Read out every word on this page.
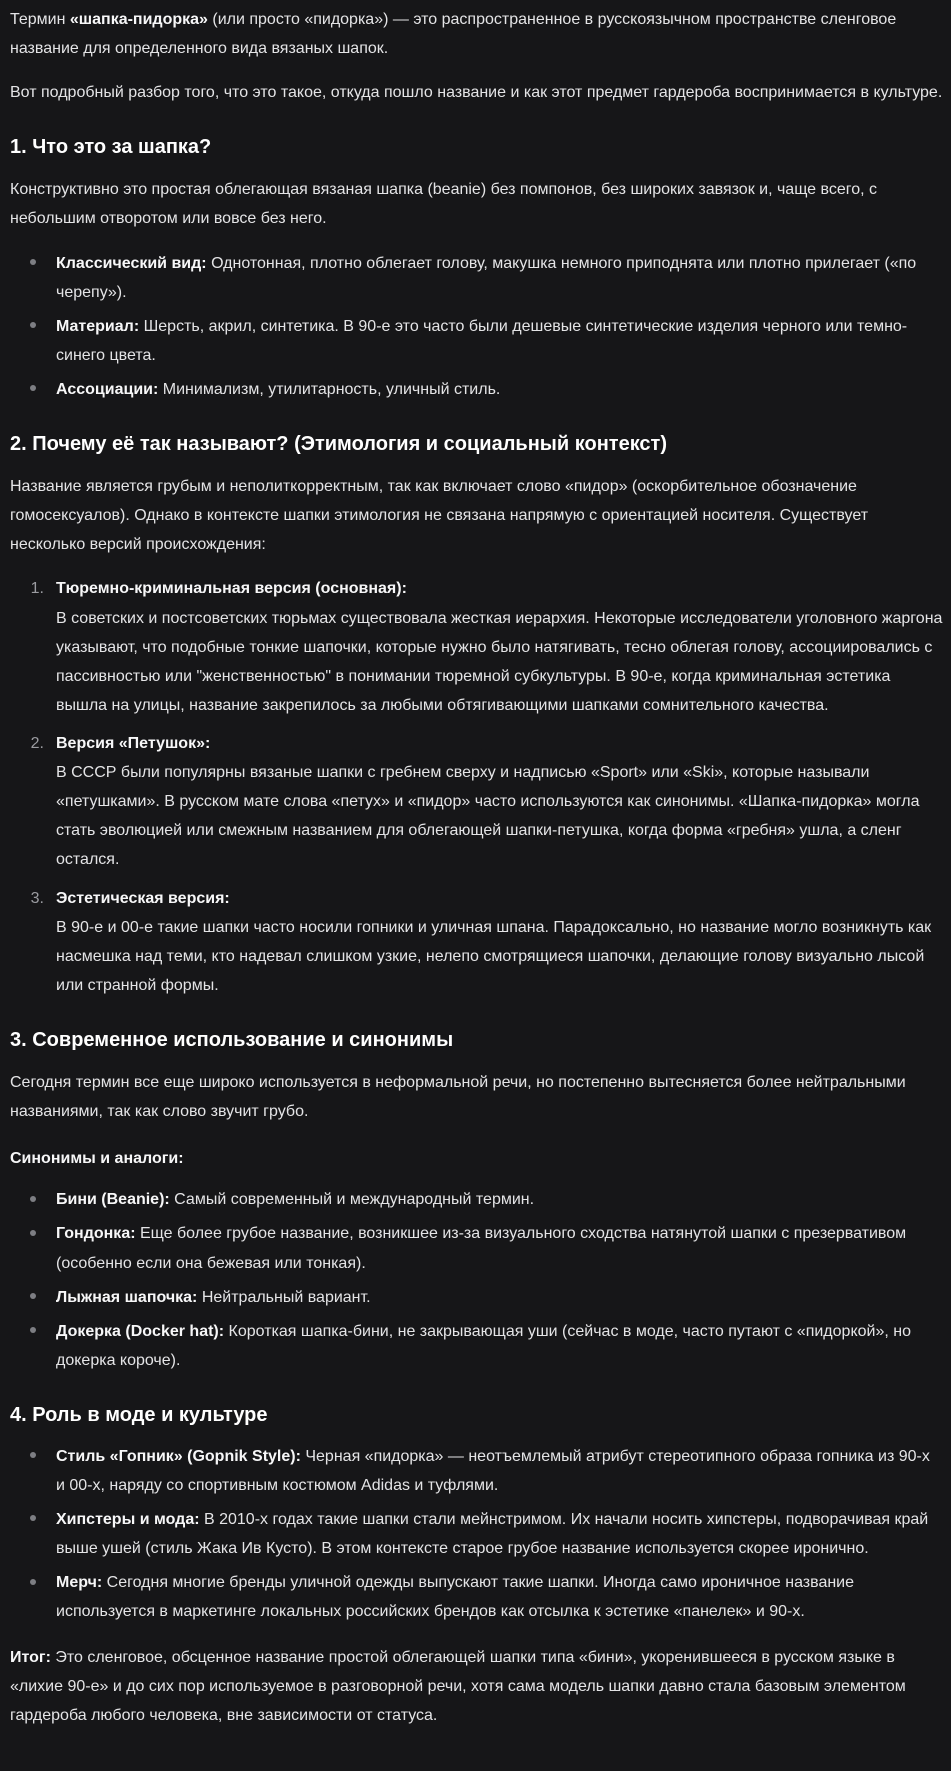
Термин «шапка-пидорка» (или просто «пидорка») — это распространенное в русскоязычном пространстве сленговое название для определенного вида вязаных шапок.

Вот подробный разбор того, что это такое, откуда пошло название и как этот предмет гардероба воспринимается в культуре.

1. Что это за шапка?

Конструктивно это простая облегающая вязаная шапка (beanie) без помпонов, без широких завязок и, чаще всего, с небольшим отворотом или вовсе без него.

Классический вид: Однотонная, плотно облегает голову, макушка немного приподнята или плотно прилегает («по черепу»).
Материал: Шерсть, акрил, синтетика. В 90-е это часто были дешевые синтетические изделия черного или темно-синего цвета.
Ассоциации: Минимализм, утилитарность, уличный стиль.
2. Почему её так называют? (Этимология и социальный контекст)

Название является грубым и неполиткорректным, так как включает слово «пидор» (оскорбительное обозначение гомосексуалов). Однако в контексте шапки этимология не связана напрямую с ориентацией носителя. Существует несколько версий происхождения:

1. Тюремно-криминальная версия (основная):
В советских и постсоветских тюрьмах существовала жесткая иерархия. Некоторые исследователи уголовного жаргона указывают, что подобные тонкие шапочки, которые нужно было натягивать, тесно облегая голову, ассоциировались с пассивностью или "женственностью" в понимании тюремной субкультуры. В 90-е, когда криминальная эстетика вышла на улицы, название закрепилось за любыми обтягивающими шапками сомнительного качества.
2. Версия «Петушок»:
В СССР были популярны вязаные шапки с гребнем сверху и надписью «Sport» или «Ski», которые называли «петушками». В русском мате слова «петух» и «пидор» часто используются как синонимы. «Шапка-пидорка» могла стать эволюцией или смежным названием для облегающей шапки-петушка, когда форма «гребня» ушла, а сленг остался.
3. Эстетическая версия:
В 90-е и 00-е такие шапки часто носили гопники и уличная шпана. Парадоксально, но название могло возникнуть как насмешка над теми, кто надевал слишком узкие, нелепо смотрящиеся шапочки, делающие голову визуально лысой или странной формы.
3. Современное использование и синонимы

Сегодня термин все еще широко используется в неформальной речи, но постепенно вытесняется более нейтральными названиями, так как слово звучит грубо.

Синонимы и аналоги:

Бини (Beanie): Самый современный и международный термин.
Гондонка: Еще более грубое название, возникшее из-за визуального сходства натянутой шапки с презервативом (особенно если она бежевая или тонкая).
Лыжная шапочка: Нейтральный вариант.
Докерка (Docker hat): Короткая шапка-бини, не закрывающая уши (сейчас в моде, часто путают с «пидоркой», но докерка короче).
4. Роль в моде и культуре
Стиль «Гопник» (Gopnik Style): Черная «пидорка» — неотъемлемый атрибут стереотипного образа гопника из 90-х и 00-х, наряду со спортивным костюмом Adidas и туфлями.
Хипстеры и мода: В 2010-х годах такие шапки стали мейнстримом. Их начали носить хипстеры, подворачивая край выше ушей (стиль Жака Ив Кусто). В этом контексте старое грубое название используется скорее иронично.
Мерч: Сегодня многие бренды уличной одежды выпускают такие шапки. Иногда само ироничное название используется в маркетинге локальных российских брендов как отсылка к эстетике «панелек» и 90-х.

Итог: Это сленговое, обсценное название простой облегающей шапки типа «бини», укоренившееся в русском языке в «лихие 90-е» и до сих пор используемое в разговорной речи, хотя сама модель шапки давно стала базовым элементом гардероба любого человека, вне зависимости от статуса.
